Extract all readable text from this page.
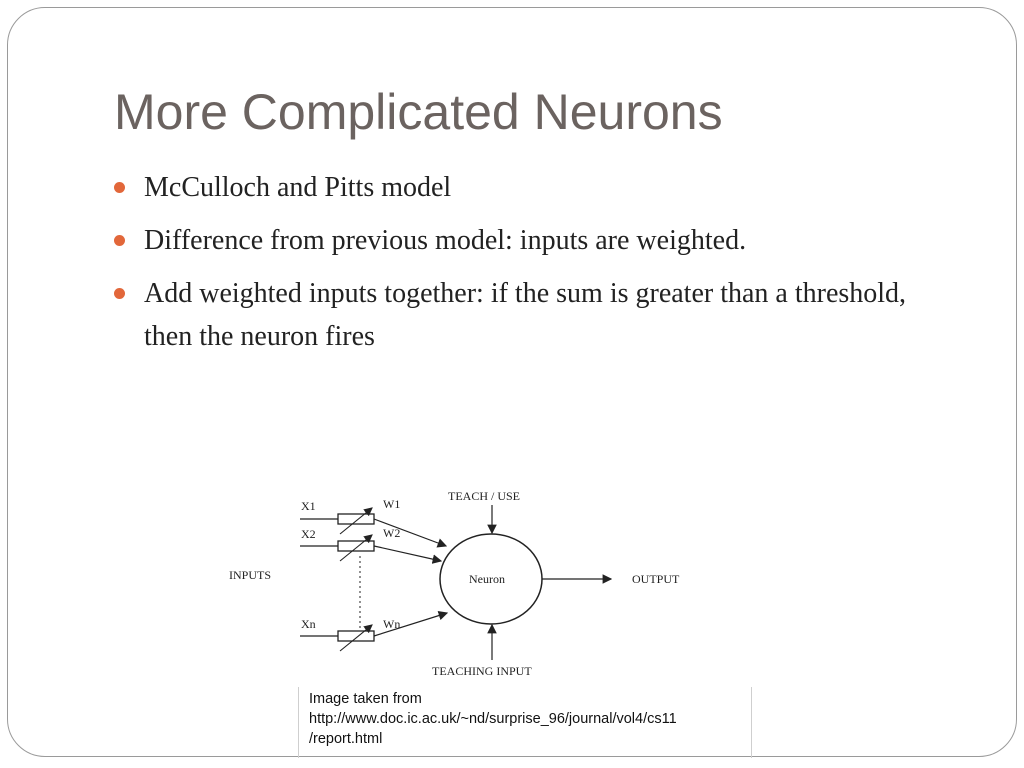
More Complicated Neurons
McCulloch and Pitts model
Difference from previous model: inputs are weighted.
Add weighted inputs together: if the sum is greater than a threshold, then the neuron fires
X1
X2
Xn
W1
W2
Wn
INPUTS
TEACH / USE
Neuron	OUTPUT
TEACHING INPUT
Image taken from
http://www.doc.ic.ac.uk/~nd/surprise_96/journal/vol4/cs11
/report.html
